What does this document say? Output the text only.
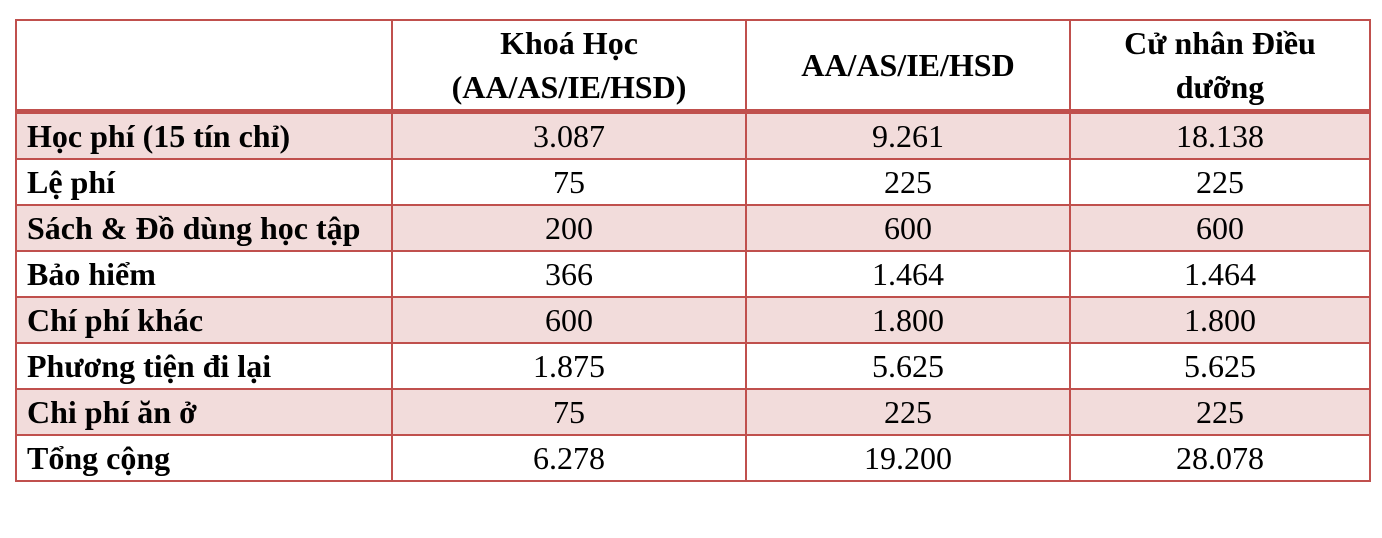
	Khoá Học (AA/AS/IE/HSD)	AA/AS/IE/HSD	Cử nhân Điều dưỡng
Học phí (15 tín chỉ)	3.087	9.261	18.138
Lệ phí	75	225	225
Sách & Đồ dùng học tập	200	600	600
Bảo hiểm	366	1.464	1.464
Chí phí khác	600	1.800	1.800
Phương tiện đi lại	1.875	5.625	5.625
Chi phí ăn ở	75	225	225
Tổng cộng	6.278	19.200	28.078
